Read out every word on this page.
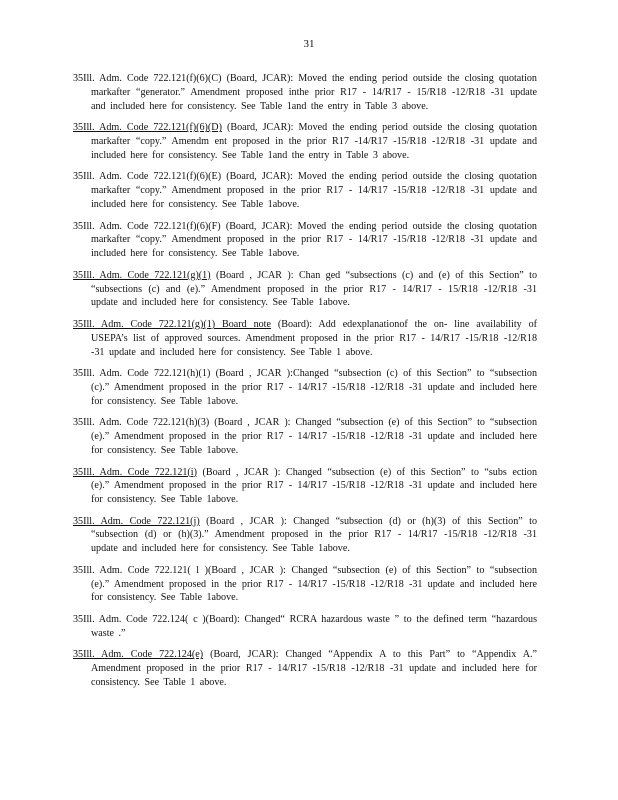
31

35Ill. Adm. Code 722.121(f)(6)(C) (Board, JCAR): Moved the ending period outside the closing quotation markafter “generator.” Amendment proposed inthe prior R17 - 14/R17 - 15/R18 -12/R18 -31 update and included here for consistency. See Table 1and the entry in Table 3 above.

35Ill. Adm. Code 722.121(f)(6)(D) (Board, JCAR): Moved the ending period outside the closing quotation markafter “copy.” Amendm ent proposed in the prior R17 -14/R17 -15/R18 -12/R18 -31 update and included here for consistency. See Table 1and the entry in Table 3 above.

35Ill. Adm. Code 722.121(f)(6)(E) (Board, JCAR): Moved the ending period outside the closing quotation markafter “copy.” Amendment proposed in the prior R17 - 14/R17 -15/R18 -12/R18 -31 update and included here for consistency. See Table 1above.

35Ill. Adm. Code 722.121(f)(6)(F) (Board, JCAR): Moved the ending period outside the closing quotation markafter “copy.” Amendment proposed in the prior R17 - 14/R17 -15/R18 -12/R18 -31 update and included here for consistency. See Table 1above.

35Ill. Adm. Code 722.121(g)(1) (Board , JCAR ): Chan ged “subsections (c) and (e) of this Section” to “subsections (c) and (e).” Amendment proposed in the prior R17 - 14/R17 - 15/R18 -12/R18 -31 update and included here for consistency. See Table 1above.

35Ill. Adm. Code 722.121(g)(1) Board note (Board): Add edexplanationof the on- line availability of USEPA’s list of approved sources. Amendment proposed in the prior R17 - 14/R17 -15/R18 -12/R18 -31 update and included here for consistency. See Table 1 above.

35Ill. Adm. Code 722.121(h)(1) (Board , JCAR ):Changed “subsection (c) of this Section” to “subsection (c).” Amendment proposed in the prior R17 - 14/R17 -15/R18 -12/R18 -31 update and included here for consistency. See Table 1above.

35Ill. Adm. Code 722.121(h)(3) (Board , JCAR ): Changed “subsection (e) of this Section” to “subsection (e).” Amendment proposed in the prior R17 - 14/R17 -15/R18 -12/R18 -31 update and included here for consistency. See Table 1above.

35Ill. Adm. Code 722.121(i) (Board , JCAR ): Changed “subsection (e) of this Section” to “subs ection (e).” Amendment proposed in the prior R17 - 14/R17 -15/R18 -12/R18 -31 update and included here for consistency. See Table 1above.

35Ill. Adm. Code 722.121(j) (Board , JCAR ): Changed “subsection (d) or (h)(3) of this Section” to “subsection (d) or (h)(3).” Amendment proposed in the prior R17 - 14/R17 -15/R18 -12/R18 -31 update and included here for consistency. See Table 1above.

35Ill. Adm. Code 722.121( l )(Board , JCAR ): Changed “subsection (e) of this Section” to “subsection (e).” Amendment proposed in the prior R17 - 14/R17 -15/R18 -12/R18 -31 update and included here for consistency. See Table 1above.

35Ill. Adm. Code 722.124( c )(Board): Changed“ RCRA hazardous waste ” to the defined term “hazardous waste .”

35Ill. Adm. Code 722.124(e) (Board, JCAR): Changed “Appendix A to this Part” to “Appendix A.” Amendment proposed in the prior R17 - 14/R17 -15/R18 -12/R18 -31 update and included here for consistency. See Table 1 above.
